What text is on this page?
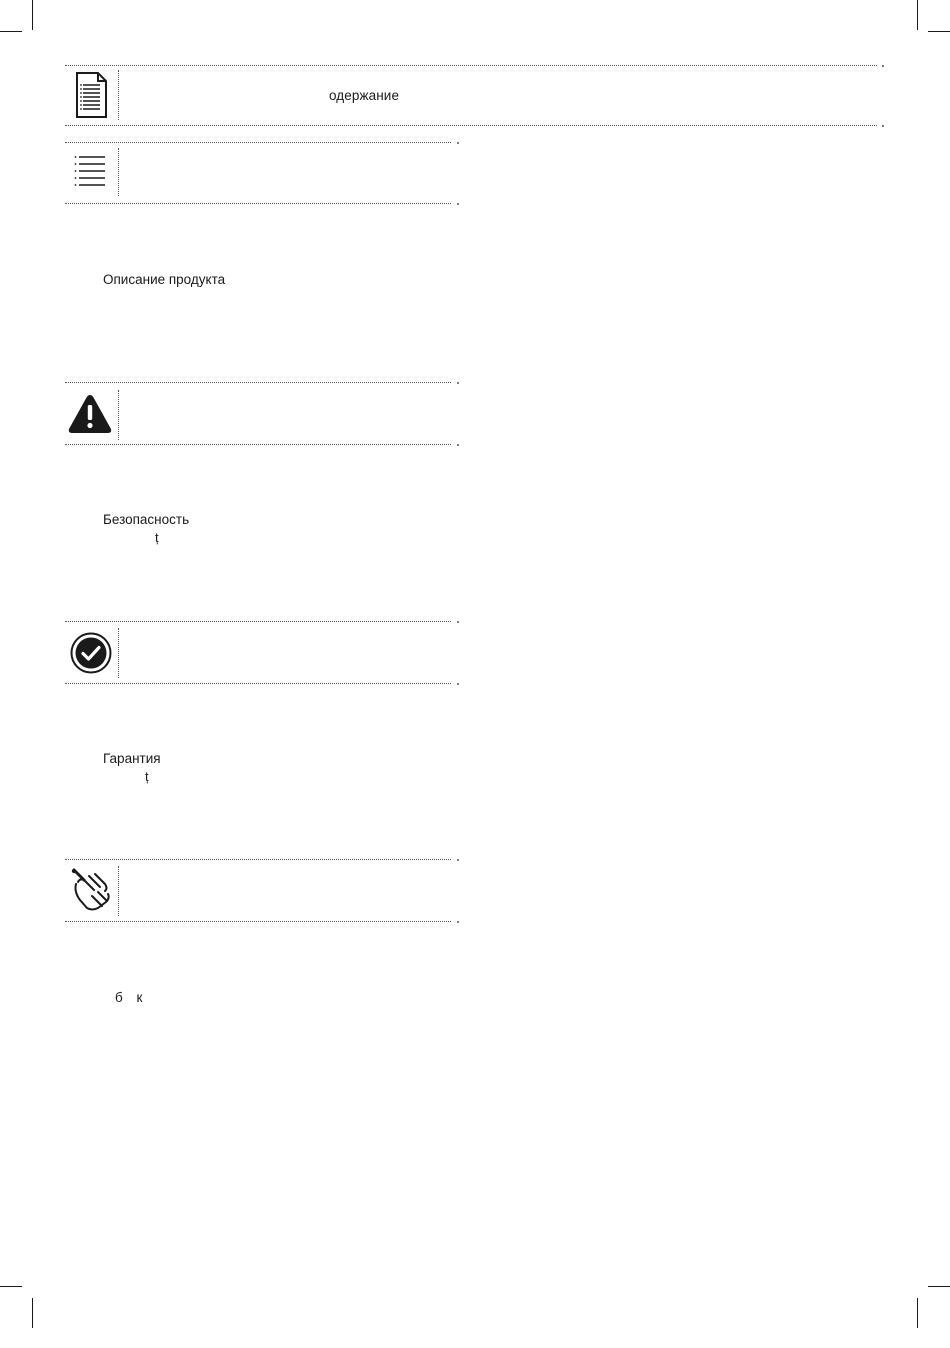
одержание
Описание продукта
Безопасность
ț
Гарантия
ț
б к
